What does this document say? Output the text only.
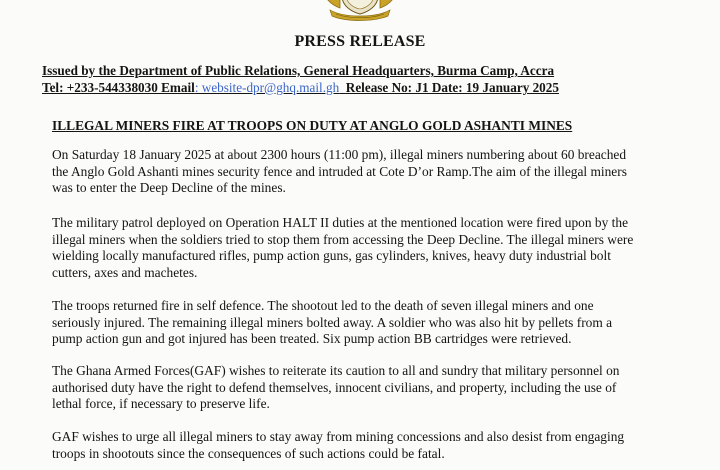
PRESS RELEASE
Issued by the Department of Public Relations, General Headquarters, Burma Camp, Accra
Tel: +233-544338030 Email: website-dpr@ghq.mail.gh Release No: J1 Date: 19 January 2025
ILLEGAL MINERS FIRE AT TROOPS ON DUTY AT ANGLO GOLD ASHANTI MINES

On Saturday 18 January 2025 at about 2300 hours (11:00 pm), illegal miners numbering about 60 breached
the Anglo Gold Ashanti mines security fence and intruded at Cote D’or Ramp.The aim of the illegal miners
was to enter the Deep Decline of the mines.

The military patrol deployed on Operation HALT II duties at the mentioned location were fired upon by the
illegal miners when the soldiers tried to stop them from accessing the Deep Decline. The illegal miners were
wielding locally manufactured rifles, pump action guns, gas cylinders, knives, heavy duty industrial bolt
cutters, axes and machetes.

The troops returned fire in self defence. The shootout led to the death of seven illegal miners and one
seriously injured. The remaining illegal miners bolted away. A soldier who was also hit by pellets from a
pump action gun and got injured has been treated. Six pump action BB cartridges were retrieved.

The Ghana Armed Forces(GAF) wishes to reiterate its caution to all and sundry that military personnel on
authorised duty have the right to defend themselves, innocent civilians, and property, including the use of
lethal force, if necessary to preserve life.

GAF wishes to urge all illegal miners to stay away from mining concessions and also desist from engaging
troops in shootouts since the consequences of such actions could be fatal.
